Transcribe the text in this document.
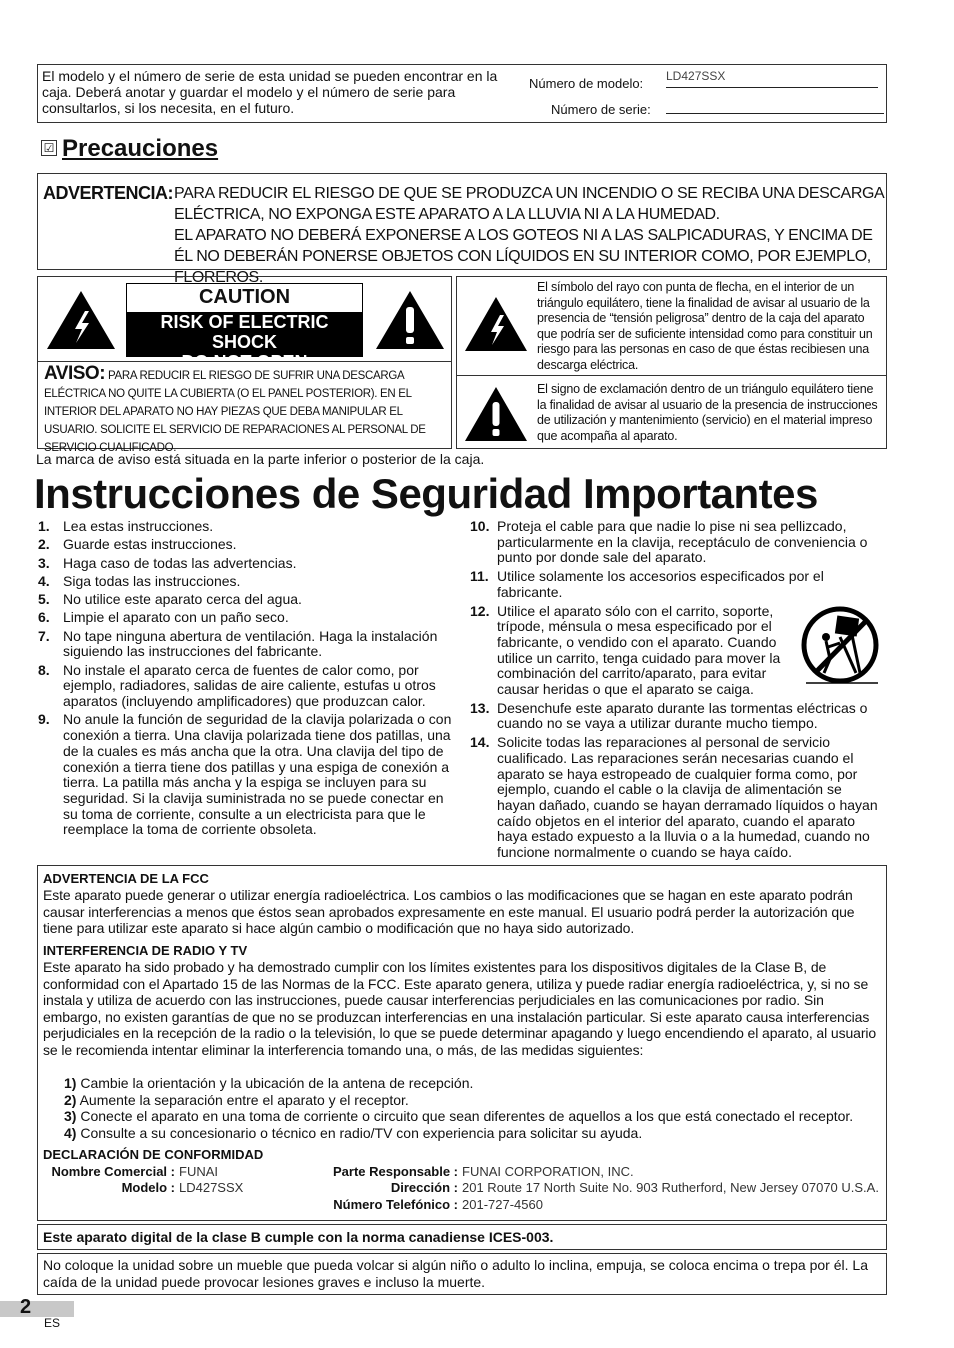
El modelo y el número de serie de esta unidad se pueden encontrar en la caja. Deberá anotar y guardar el modelo y el número de serie para consultarlos, si los necesita, en el futuro.
Número de modelo: LD427SSX
Número de serie:
☑ Precauciones
ADVERTENCIA: PARA REDUCIR EL RIESGO DE QUE SE PRODUZCA UN INCENDIO O SE RECIBA UNA DESCARGA ELÉCTRICA, NO EXPONGA ESTE APARATO A LA LLUVIA NI A LA HUMEDAD.
EL APARATO NO DEBERÁ EXPONERSE A LOS GOTEOS NI A LAS SALPICADURAS, Y ENCIMA DE ÉL NO DEBERÁN PONERSE OBJETOS CON LÍQUIDOS EN SU INTERIOR COMO, POR EJEMPLO, FLOREROS.
CAUTION
RISK OF ELECTRIC SHOCK
DO NOT OPEN
AVISO: PARA REDUCIR EL RIESGO DE SUFRIR UNA DESCARGA ELÉCTRICA NO QUITE LA CUBIERTA (O EL PANEL POSTERIOR). EN EL INTERIOR DEL APARATO NO HAY PIEZAS QUE DEBA MANIPULAR EL USUARIO. SOLICITE EL SERVICIO DE REPARACIONES AL PERSONAL DE SERVICIO CUALIFICADO.
El símbolo del rayo con punta de flecha, en el interior de un triángulo equilátero, tiene la finalidad de avisar al usuario de la presencia de “tensión peligrosa” dentro de la caja del aparato que podría ser de suficiente intensidad como para constituir un riesgo para las personas en caso de que éstas recibiesen una descarga eléctrica.
El signo de exclamación dentro de un triángulo equilátero tiene la finalidad de avisar al usuario de la presencia de instrucciones de utilización y mantenimiento (servicio) en el material impreso que acompaña al aparato.
La marca de aviso está situada en la parte inferior o posterior de la caja.
Instrucciones de Seguridad Importantes
1. Lea estas instrucciones.
2. Guarde estas instrucciones.
3. Haga caso de todas las advertencias.
4. Siga todas las instrucciones.
5. No utilice este aparato cerca del agua.
6. Limpie el aparato con un paño seco.
7. No tape ninguna abertura de ventilación. Haga la instalación siguiendo las instrucciones del fabricante.
8. No instale el aparato cerca de fuentes de calor como, por ejemplo, radiadores, salidas de aire caliente, estufas u otros aparatos (incluyendo amplificadores) que produzcan calor.
9. No anule la función de seguridad de la clavija polarizada o con conexión a tierra. Una clavija polarizada tiene dos patillas, una de la cuales es más ancha que la otra. Una clavija del tipo de conexión a tierra tiene dos patillas y una espiga de conexión a tierra. La patilla más ancha y la espiga se incluyen para su seguridad. Si la clavija suministrada no se puede conectar en su toma de corriente, consulte a un electricista para que le reemplace la toma de corriente obsoleta.
10. Proteja el cable para que nadie lo pise ni sea pellizcado, particularmente en la clavija, receptáculo de conveniencia o punto por donde sale del aparato.
11. Utilice solamente los accesorios especificados por el fabricante.
12. Utilice el aparato sólo con el carrito, soporte, trípode, ménsula o mesa especificado por el fabricante, o vendido con el aparato. Cuando utilice un carrito, tenga cuidado para mover la combinación del carrito/aparato, para evitar causar heridas o que el aparato se caiga.
13. Desenchufe este aparato durante las tormentas eléctricas o cuando no se vaya a utilizar durante mucho tiempo.
14. Solicite todas las reparaciones al personal de servicio cualificado. Las reparaciones serán necesarias cuando el aparato se haya estropeado de cualquier forma como, por ejemplo, cuando el cable o la clavija de alimentación se hayan dañado, cuando se hayan derramado líquidos o hayan caído objetos en el interior del aparato, cuando el aparato haya estado expuesto a la lluvia o a la humedad, cuando no funcione normalmente o cuando se haya caído.
ADVERTENCIA DE LA FCC
Este aparato puede generar o utilizar energía radioeléctrica. Los cambios o las modificaciones que se hagan en este aparato podrán causar interferencias a menos que éstos sean aprobados expresamente en este manual. El usuario podrá perder la autorización que tiene para utilizar este aparato si hace algún cambio o modificación que no haya sido autorizado.
INTERFERENCIA DE RADIO Y TV
Este aparato ha sido probado y ha demostrado cumplir con los límites existentes para los dispositivos digitales de la Clase B, de conformidad con el Apartado 15 de las Normas de la FCC. Este aparato genera, utiliza y puede radiar energía radioeléctrica, y, si no se instala y utiliza de acuerdo con las instrucciones, puede causar interferencias perjudiciales en las comunicaciones por radio. Sin embargo, no existen garantías de que no se produzcan interferencias en una instalación particular. Si este aparato causa interferencias perjudiciales en la recepción de la radio o la televisión, lo que se puede determinar apagando y luego encendiendo el aparato, al usuario se le recomienda intentar eliminar la interferencia tomando una, o más, de las medidas siguientes:
1) Cambie la orientación y la ubicación de la antena de recepción.
2) Aumente la separación entre el aparato y el receptor.
3) Conecte el aparato en una toma de corriente o circuito que sean diferentes de aquellos a los que está conectado el receptor.
4) Consulte a su concesionario o técnico en radio/TV con experiencia para solicitar su ayuda.
DECLARACIÓN DE CONFORMIDAD
Nombre Comercial : FUNAI
Modelo : LD427SSX
Parte Responsable : FUNAI CORPORATION, INC.
Dirección : 201 Route 17 North Suite No. 903 Rutherford, New Jersey 07070 U.S.A.
Número Telefónico : 201-727-4560
Este aparato digital de la clase B cumple con la norma canadiense ICES-003.
No coloque la unidad sobre un mueble que pueda volcar si algún niño o adulto lo inclina, empuja, se coloca encima o trepa por él. La caída de la unidad puede provocar lesiones graves e incluso la muerte.
2
ES
